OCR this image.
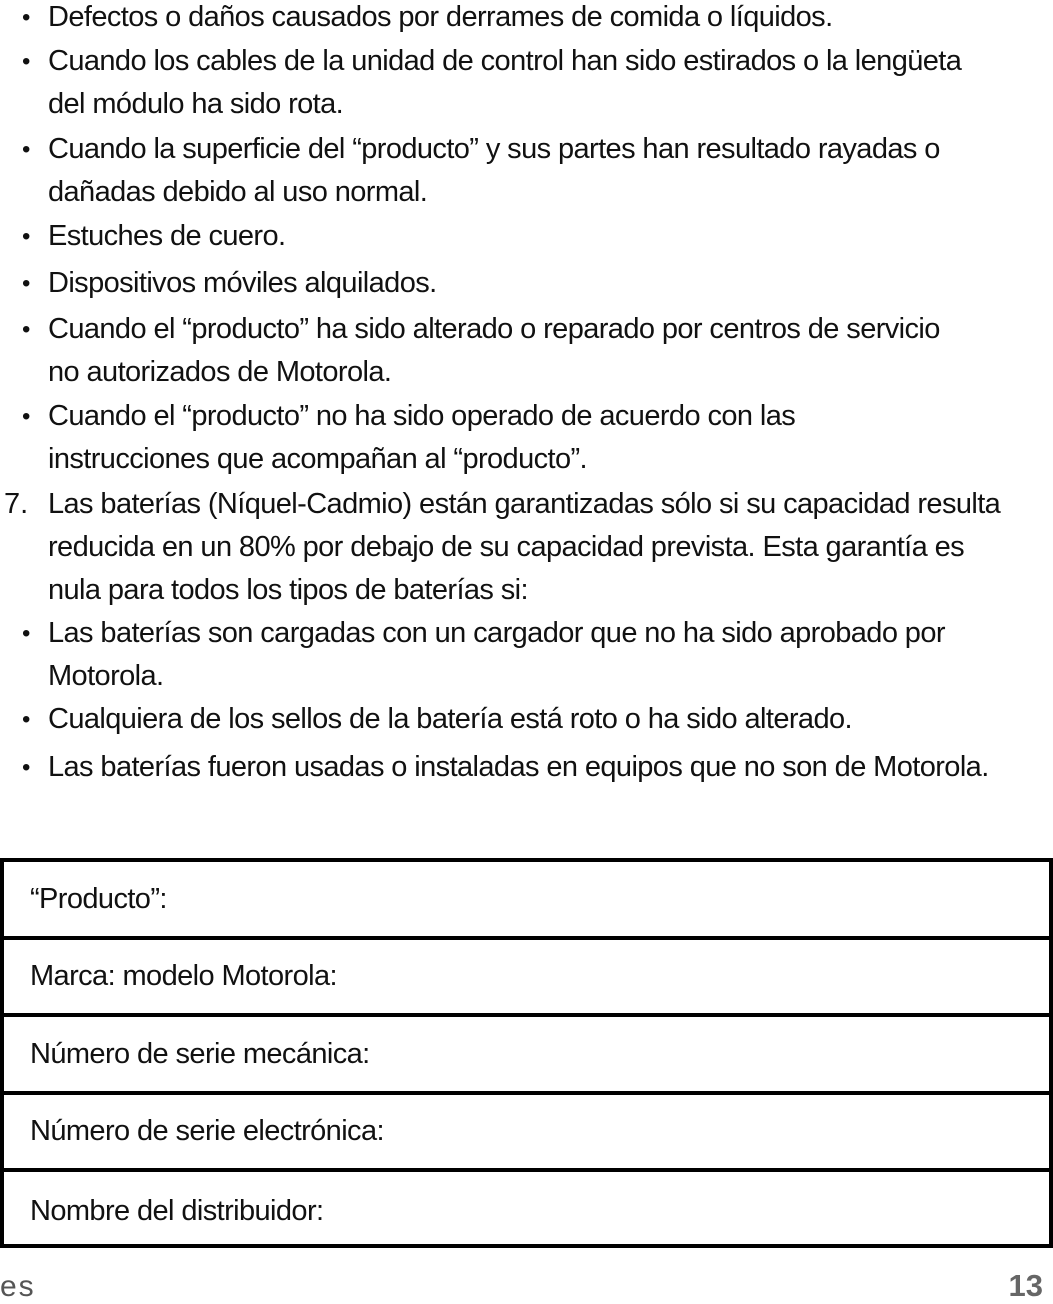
• Defectos o daños causados por derrames de comida o líquidos.
• Cuando los cables de la unidad de control han sido estirados o la lengüeta
del módulo ha sido rota.
• Cuando la superficie del “producto” y sus partes han resultado rayadas o
dañadas debido al uso normal.
• Estuches de cuero.
• Dispositivos móviles alquilados.
• Cuando el “producto” ha sido alterado o reparado por centros de servicio
no autorizados de Motorola.
• Cuando el “producto” no ha sido operado de acuerdo con las
instrucciones que acompañan al “producto”.
7. Las baterías (Níquel-Cadmio) están garantizadas sólo si su capacidad resulta
reducida en un 80% por debajo de su capacidad prevista. Esta garantía es
nula para todos los tipos de baterías si:
• Las baterías son cargadas con un cargador que no ha sido aprobado por
Motorola.
• Cualquiera de los sellos de la batería está roto o ha sido alterado.
• Las baterías fueron usadas o instaladas en equipos que no son de Motorola.
“Producto”:
Marca: modelo Motorola:
Número de serie mecánica:
Número de serie electrónica:
Nombre del distribuidor:
es	13
